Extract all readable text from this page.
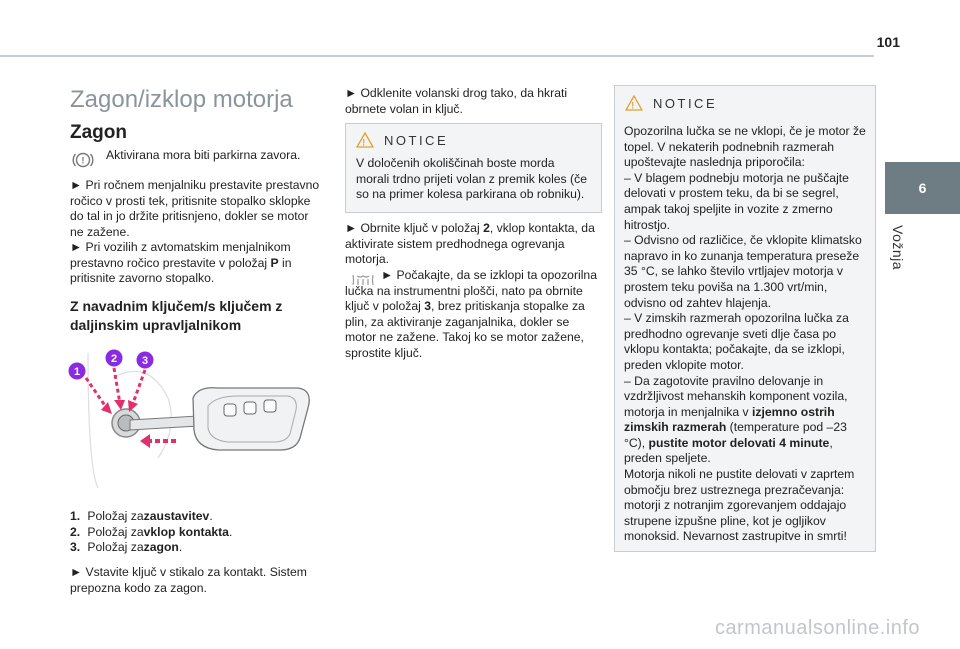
101
6
Vožnja
Zagon/izklop motorja
Zagon
! Aktivirana mora biti parkirna zavora.

► Pri ročnem menjalniku prestavite prestavno ročico v prosti tek, pritisnite stopalko sklopke do tal in jo držite pritisnjeno, dokler se motor ne zažene.

► Pri vozilih z avtomatskim menjalnikom prestavno ročico prestavite v položaj P in pritisnite zavorno stopalko.

Z navadnim ključem/s ključem z daljinskim upravljalnikom
1
2 3
1.
Položaj za zaustavitev .
2.
Položaj za vklop kontakta .
3.
Položaj za zagon .

► Vstavite ključ v stikalo za kontakt. Sistem prepozna kodo za zagon.

► Odklenite volanski drog tako, da hkrati obrnete volan in ključ.

! NOTICE

V določenih okoliščinah boste morda morali trdno prijeti volan z premik koles (če so na primer kolesa parkirana ob robniku).

► Obrnite ključ v položaj 2, vklop kontakta, da aktivirate sistem predhodnega ogrevanja motorja.

► Počakajte, da se izklopi ta opozorilna lučka na instrumentni plošči, nato pa obrnite ključ v položaj 3, brez pritiskanja stopalke za plin, za aktiviranje zaganjalnika, dokler se motor ne zažene. Takoj ko se motor zažene, sprostite ključ.

! NOTICE

Opozorilna lučka se ne vklopi, če je motor že topel. V nekaterih podnebnih razmerah upoštevajte naslednja priporočila:

– V blagem podnebju motorja ne puščajte delovati v prostem teku, da bi se segrel, ampak takoj speljite in vozite z zmerno hitrostjo.

– Odvisno od različice, če vklopite klimatsko napravo in ko zunanja temperatura preseže 35 °C, se lahko število vrtljajev motorja v prostem teku poviša na 1.300 vrt/min, odvisno od zahtev hlajenja.

– V zimskih razmerah opozorilna lučka za predhodno ogrevanje sveti dlje časa po vklopu kontakta; počakajte, da se izklopi, preden vklopite motor.

– Da zagotovite pravilno delovanje in vzdržljivost mehanskih komponent vozila, motorja in menjalnika v izjemno ostrih zimskih razmerah (temperature pod –23 °C), pustite motor delovati 4 minute, preden speljete.

Motorja nikoli ne pustite delovati v zaprtem območju brez ustreznega prezračevanja: motorji z notranjim zgorevanjem oddajajo strupene izpušne pline, kot je ogljikov monoksid. Nevarnost zastrupitve in smrti!

carmanualsonline.info
